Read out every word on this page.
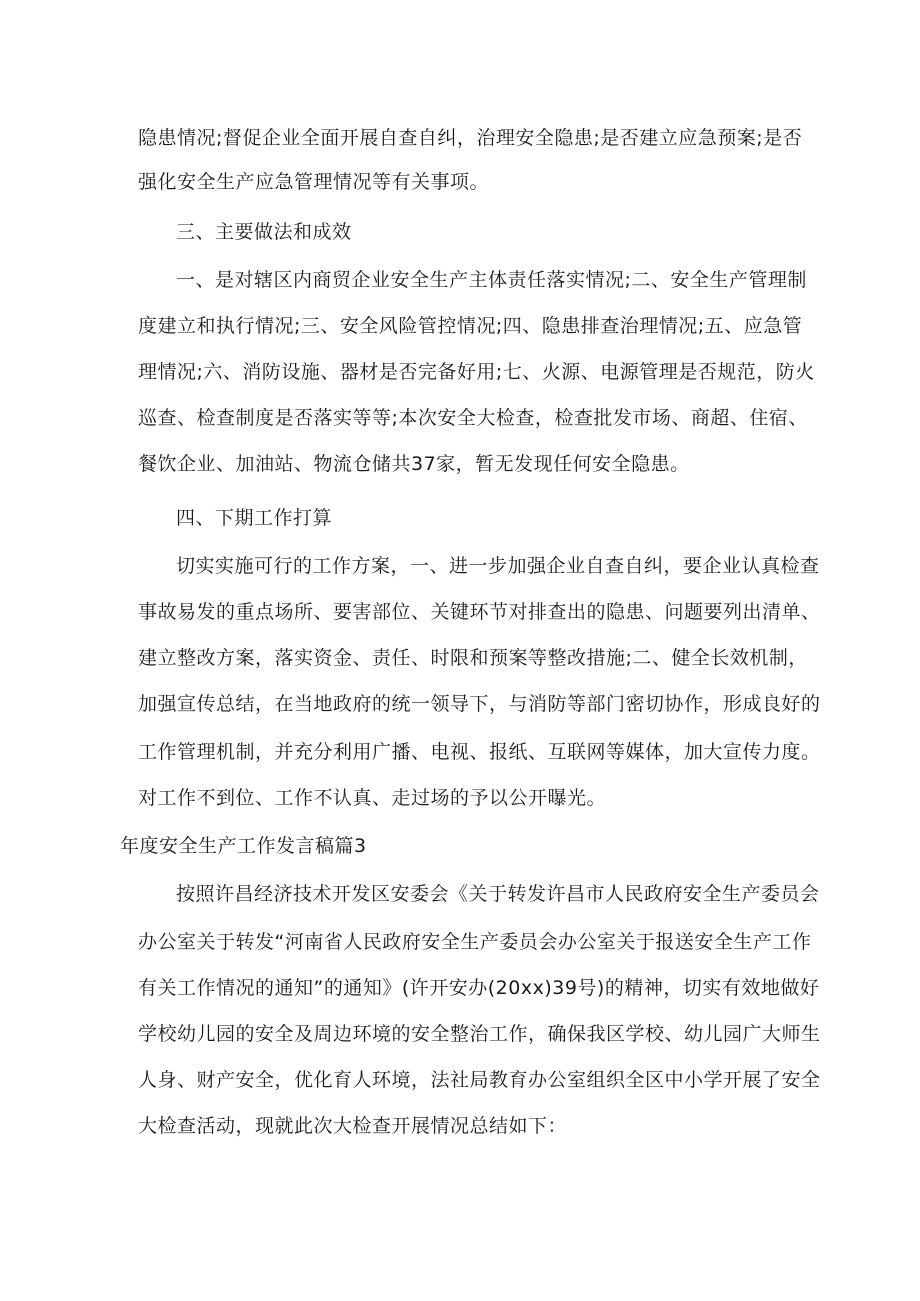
隐患情况;督促企业全面开展自查自纠，治理安全隐患;是否建立应急预案;是否
强化安全生产应急管理情况等有关事项。
三、主要做法和成效
一、是对辖区内商贸企业安全生产主体责任落实情况;二、安全生产管理制
度建立和执行情况;三、安全风险管控情况;四、隐患排查治理情况;五、应急管
理情况;六、消防设施、器材是否完备好用;七、火源、电源管理是否规范，防火
巡查、检查制度是否落实等等;本次安全大检查，检查批发市场、商超、住宿、
餐饮企业、加油站、物流仓储共37家，暂无发现任何安全隐患。
四、下期工作打算
切实实施可行的工作方案，一、进一步加强企业自查自纠，要企业认真检查
事故易发的重点场所、要害部位、关键环节对排查出的隐患、问题要列出清单、
建立整改方案，落实资金、责任、时限和预案等整改措施;二、健全长效机制，
加强宣传总结，在当地政府的统一领导下，与消防等部门密切协作，形成良好的
工作管理机制，并充分利用广播、电视、报纸、互联网等媒体，加大宣传力度。
对工作不到位、工作不认真、走过场的予以公开曝光。
年度安全生产工作发言稿篇3
按照许昌经济技术开发区安委会《关于转发许昌市人民政府安全生产委员会
办公室关于转发“河南省人民政府安全生产委员会办公室关于报送安全生产工作
有关工作情况的通知”的通知》(许开安办(20xx)39号)的精神，切实有效地做好
学校幼儿园的安全及周边环境的安全整治工作，确保我区学校、幼儿园广大师生
人身、财产安全，优化育人环境，法社局教育办公室组织全区中小学开展了安全
大检查活动，现就此次大检查开展情况总结如下：
